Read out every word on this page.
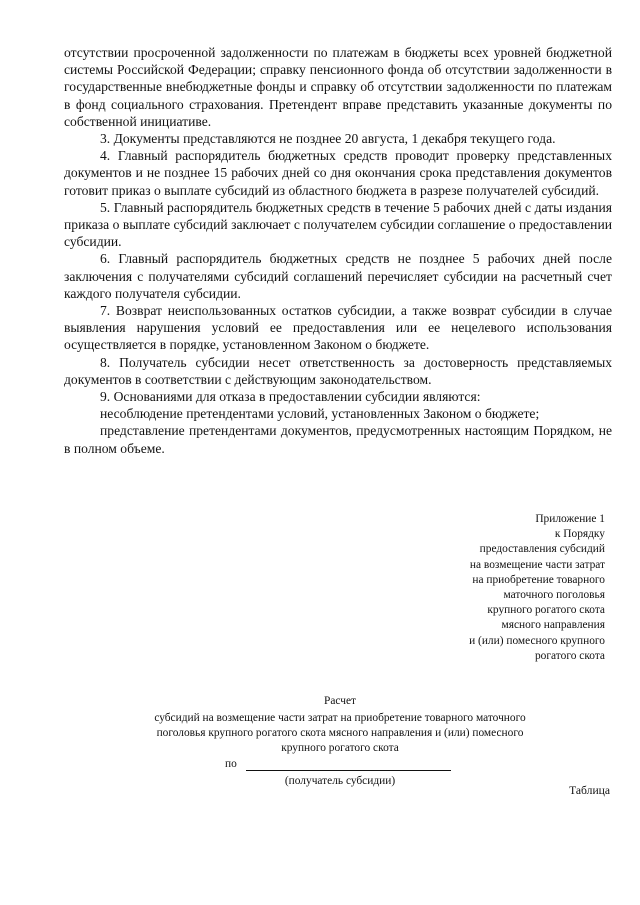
отсутствии просроченной задолженности по платежам в бюджеты всех уровней бюджетной системы Российской Федерации; справку пенсионного фонда об отсутствии задолженности в государственные внебюджетные фонды и справку об отсутствии задолженности по платежам в фонд социального страхования. Претендент вправе представить указанные документы по собственной инициативе.

3. Документы представляются не позднее 20 августа, 1 декабря текущего года.

4. Главный распорядитель бюджетных средств проводит проверку представленных документов и не позднее 15 рабочих дней со дня окончания срока представления документов готовит приказ о выплате субсидий из областного бюджета в разрезе получателей субсидий.

5. Главный распорядитель бюджетных средств в течение 5 рабочих дней с даты издания приказа о выплате субсидий заключает с получателем субсидии соглашение о предоставлении субсидии.

6. Главный распорядитель бюджетных средств не позднее 5 рабочих дней после заключения с получателями субсидий соглашений перечисляет субсидии на расчетный счет каждого получателя субсидии.

7. Возврат неиспользованных остатков субсидии, а также возврат субсидии в случае выявления нарушения условий ее предоставления или ее нецелевого использования осуществляется в порядке, установленном Законом о бюджете.

8. Получатель субсидии несет ответственность за достоверность представляемых документов в соответствии с действующим законодательством.

9. Основаниями для отказа в предоставлении субсидии являются:

несоблюдение претендентами условий, установленных Законом о бюджете;

представление претендентами документов, предусмотренных настоящим Порядком, не в полном объеме.

Приложение 1
к Порядку
предоставления субсидий
на возмещение части затрат
на приобретение товарного
маточного поголовья
крупного рогатого скота
мясного направления
и (или) помесного крупного
рогатого скота
Расчет
субсидий на возмещение части затрат на приобретение товарного маточного
поголовья крупного рогатого скота мясного направления и (или) помесного
крупного рогатого скота
по
(получатель субсидии)
Таблица
